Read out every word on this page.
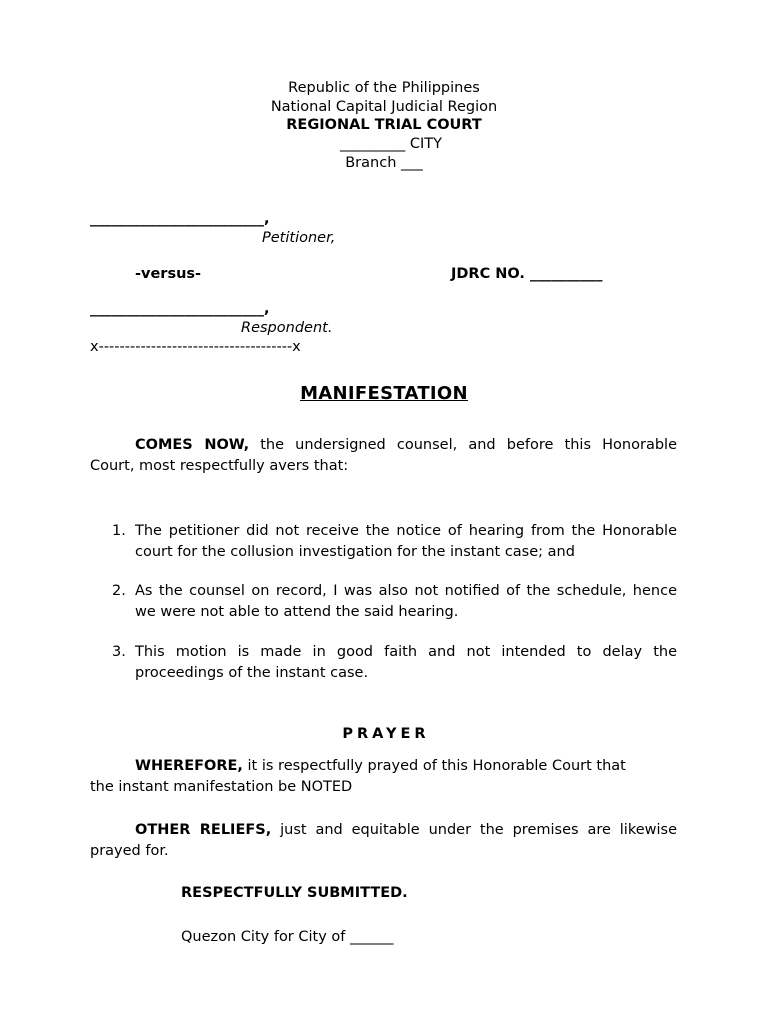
Republic of the Philippines
National Capital Judicial Region
REGIONAL TRIAL COURT
_________ CITY
Branch ___
________________________,
Petitioner,
-versus-	JDRC NO. __________
________________________,
Respondent.
x-------------------------------------x
MANIFESTATION
COMES NOW, the undersigned counsel, and before this Honorable
Court, most respectfully avers that:
1. The petitioner did not receive the notice of hearing from the Honorable
court for the collusion investigation for the instant case; and
2. As the counsel on record, I was also not notified of the schedule, hence
we were not able to attend the said hearing.
3. This motion is made in good faith and not intended to delay the
proceedings of the instant case.
PRAYER
WHEREFORE, it is respectfully prayed of this Honorable Court that
the instant manifestation be NOTED
OTHER RELIEFS, just and equitable under the premises are likewise
prayed for.
RESPECTFULLY SUBMITTED.
Quezon City for City of ______
